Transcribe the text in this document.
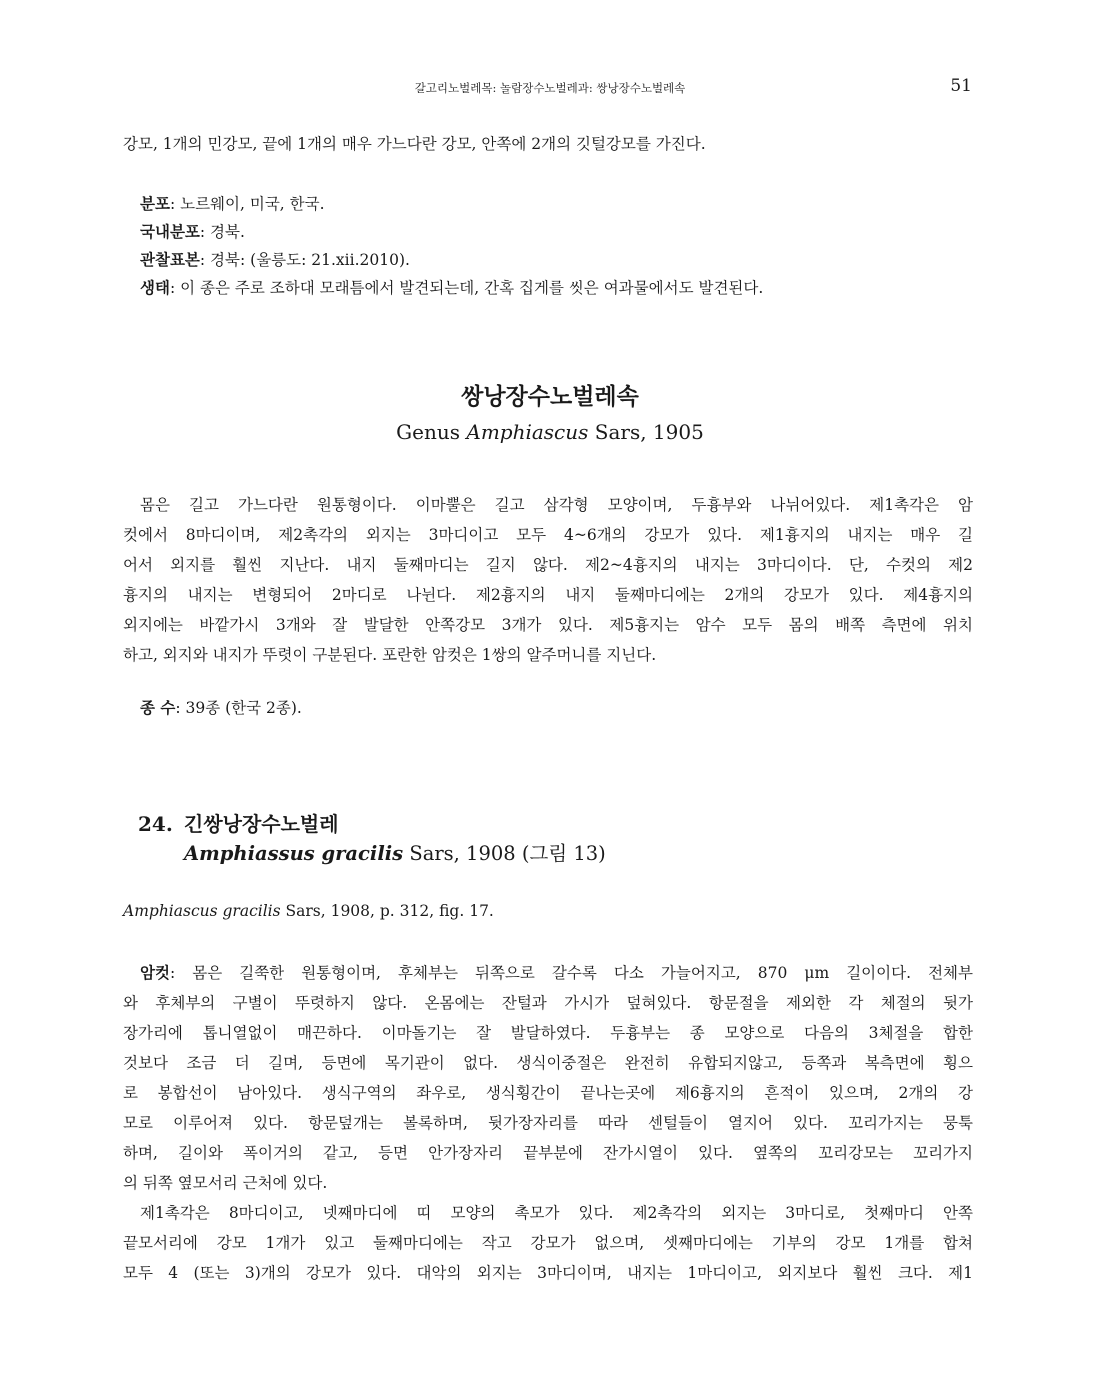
갈고리노벌레목: 놀람장수노벌레과: 쌍낭장수노벌레속	51

강모, 1개의 민강모, 끝에 1개의 매우 가느다란 강모, 안쪽에 2개의 깃털강모를 가진다.

분포: 노르웨이, 미국, 한국.

국내분포: 경북.

관찰표본: 경북: (울릉도: 21.xii.2010).

생태: 이 종은 주로 조하대 모래틈에서 발견되는데, 간혹 집게를 씻은 여과물에서도 발견된다.

쌍낭장수노벌레속
Genus Amphiascus Sars, 1905

몸은 길고 가느다란 원통형이다. 이마뿔은 길고 삼각형 모양이며, 두흉부와 나뉘어있다. 제1촉각은 암

컷에서 8마디이며, 제2촉각의 외지는 3마디이고 모두 4~6개의 강모가 있다. 제1흉지의 내지는 매우 길

어서 외지를 훨씬 지난다. 내지 둘째마디는 길지 않다. 제2~4흉지의 내지는 3마디이다. 단, 수컷의 제2

흉지의 내지는 변형되어 2마디로 나뉜다. 제2흉지의 내지 둘째마디에는 2개의 강모가 있다. 제4흉지의

외지에는 바깥가시 3개와 잘 발달한 안쪽강모 3개가 있다. 제5흉지는 암수 모두 몸의 배쪽 측면에 위치

하고, 외지와 내지가 뚜렷이 구분된다. 포란한 암컷은 1쌍의 알주머니를 지닌다.

종 수: 39종 (한국 2종).

24. 긴쌍낭장수노벌레
Amphiassus gracilis Sars, 1908 (그림 13)
Amphiascus gracilis Sars, 1908, p. 312, fig. 17.

암컷: 몸은 길쭉한 원통형이며, 후체부는 뒤쪽으로 갈수록 다소 가늘어지고, 870 μm 길이이다. 전체부

와 후체부의 구별이 뚜렷하지 않다. 온몸에는 잔털과 가시가 덮혀있다. 항문절을 제외한 각 체절의 뒷가

장가리에 톱니열없이 매끈하다. 이마돌기는 잘 발달하였다. 두흉부는 종 모양으로 다음의 3체절을 합한

것보다 조금 더 길며, 등면에 목기관이 없다. 생식이중절은 완전히 유합되지않고, 등쪽과 복측면에 횡으

로 봉합선이 남아있다. 생식구역의 좌우로, 생식횡간이 끝나는곳에 제6흉지의 흔적이 있으며, 2개의 강

모로 이루어져 있다. 항문덮개는 볼록하며, 뒷가장자리를 따라 센털들이 열지어 있다. 꼬리가지는 뭉툭

하며, 길이와 폭이거의 같고, 등면 안가장자리 끝부분에 잔가시열이 있다. 옆쪽의 꼬리강모는 꼬리가지

의 뒤쪽 옆모서리 근처에 있다.

제1촉각은 8마디이고, 넷째마디에 띠 모양의 촉모가 있다. 제2촉각의 외지는 3마디로, 첫째마디 안쪽

끝모서리에 강모 1개가 있고 둘째마디에는 작고 강모가 없으며, 셋째마디에는 기부의 강모 1개를 합쳐

모두 4 (또는 3)개의 강모가 있다. 대악의 외지는 3마디이며, 내지는 1마디이고, 외지보다 훨씬 크다. 제1
